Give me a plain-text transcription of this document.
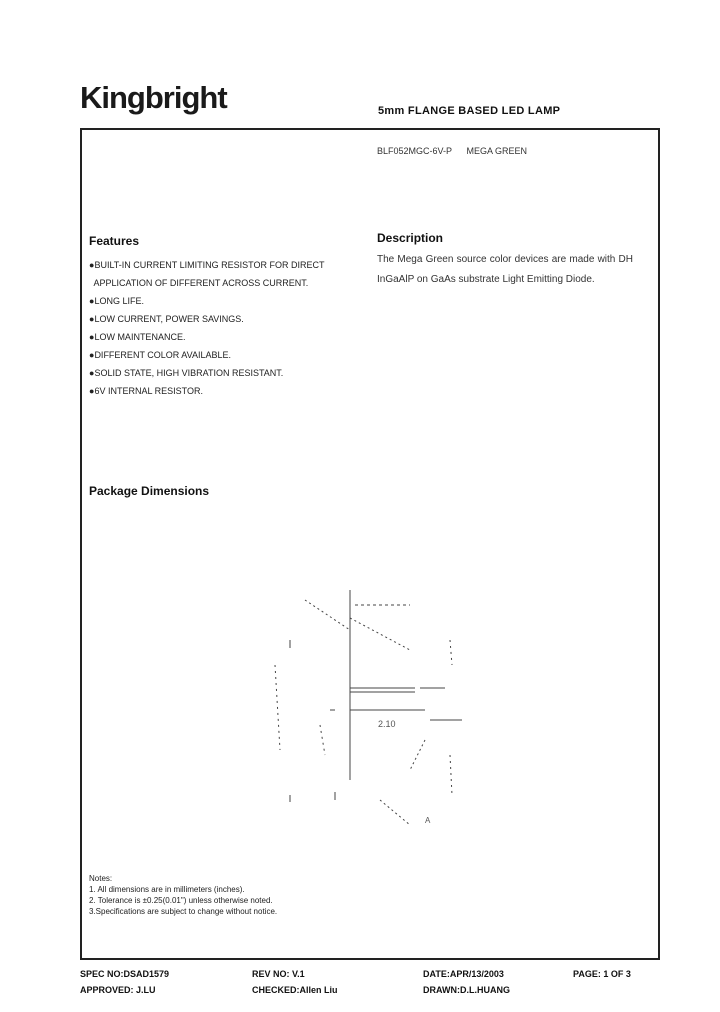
Kingbright	5mm FLANGE BASED LED LAMP
BLF052MGC-6V-P MEGA GREEN
Features
●BUILT-IN CURRENT LIMITING RESISTOR FOR DIRECT
APPLICATION OF DIFFERENT ACROSS CURRENT.
●LONG LIFE.
●LOW CURRENT, POWER SAVINGS.
●LOW MAINTENANCE.
●DIFFERENT COLOR AVAILABLE.
●SOLID STATE, HIGH VIBRATION RESISTANT.
●6V INTERNAL RESISTOR.
Description

The Mega Green source color devices are made with DH InGaAlP on GaAs substrate Light Emitting Diode.

Package Dimensions
2.10
A
Notes:
1. All dimensions are in millimeters (inches).
2. Tolerance is ±0.25(0.01") unless otherwise noted.
3.Specifications are subject to change without notice.
SPEC NO:DSAD1579	REV NO: V.1	DATE:APR/13/2003	PAGE: 1 OF 3
APPROVED: J.LU	CHECKED:Allen Liu	DRAWN:D.L.HUANG
